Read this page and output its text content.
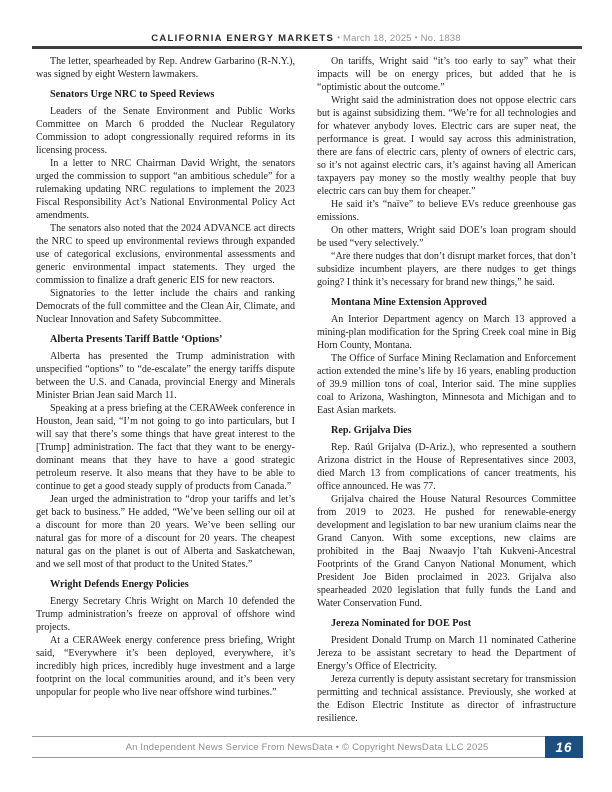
CALIFORNIA ENERGY MARKETS • March 18, 2025 • No. 1838

The letter, spearheaded by Rep. Andrew Garbarino (R-N.Y.), was signed by eight Western lawmakers.

Senators Urge NRC to Speed Reviews

Leaders of the Senate Environment and Public Works Committee on March 6 prodded the Nuclear Regulatory Commission to adopt congressionally required reforms in its licensing process.

In a letter to NRC Chairman David Wright, the senators urged the commission to support “an ambitious schedule” for a rulemaking updating NRC regulations to implement the 2023 Fiscal Responsibility Act’s National Environmental Policy Act amendments.

The senators also noted that the 2024 ADVANCE act directs the NRC to speed up environmental reviews through expanded use of categorical exclusions, environmental assessments and generic environmental impact statements. They urged the commission to finalize a draft generic EIS for new reactors.

Signatories to the letter include the chairs and ranking Democrats of the full committee and the Clean Air, Climate, and Nuclear Innovation and Safety Subcommittee.

Alberta Presents Tariff Battle ‘Options’

Alberta has presented the Trump administration with unspecified “options” to “de-escalate” the energy tariffs dispute between the U.S. and Canada, provincial Energy and Minerals Minister Brian Jean said March 11.

Speaking at a press briefing at the CERAWeek conference in Houston, Jean said, “I’m not going to go into particulars, but I will say that there’s some things that have great interest to the [Trump] administration. The fact that they want to be energy-dominant means that they have to have a good strategic petroleum reserve. It also means that they have to be able to continue to get a good steady supply of products from Canada.”

Jean urged the administration to “drop your tariffs and let’s get back to business.” He added, “We’ve been selling our oil at a discount for more than 20 years. We’ve been selling our natural gas for more of a discount for 20 years. The cheapest natural gas on the planet is out of Alberta and Saskatchewan, and we sell most of that product to the United States.”

Wright Defends Energy Policies

Energy Secretary Chris Wright on March 10 defended the Trump administration’s freeze on approval of offshore wind projects.

At a CERAWeek energy conference press briefing, Wright said, “Everywhere it’s been deployed, everywhere, it’s incredibly high prices, incredibly huge investment and a large footprint on the local communities around, and it’s been very unpopular for people who live near offshore wind turbines.”

On tariffs, Wright said “it’s too early to say” what their impacts will be on energy prices, but added that he is “optimistic about the outcome.”

Wright said the administration does not oppose electric cars but is against subsidizing them. “We’re for all technologies and for whatever anybody loves. Electric cars are super neat, the performance is great. I would say across this administration, there are fans of electric cars, plenty of owners of electric cars, so it’s not against electric cars, it’s against having all American taxpayers pay money so the mostly wealthy people that buy electric cars can buy them for cheaper.”

He said it’s “naïve” to believe EVs reduce greenhouse gas emissions.

On other matters, Wright said DOE’s loan program should be used “very selectively.”

“Are there nudges that don’t disrupt market forces, that don’t subsidize incumbent players, are there nudges to get things going? I think it’s necessary for brand new things,” he said.

Montana Mine Extension Approved

An Interior Department agency on March 13 approved a mining-plan modification for the Spring Creek coal mine in Big Horn County, Montana.

The Office of Surface Mining Reclamation and Enforcement action extended the mine’s life by 16 years, enabling production of 39.9 million tons of coal, Interior said. The mine supplies coal to Arizona, Washington, Minnesota and Michigan and to East Asian markets.

Rep. Grijalva Dies

Rep. Raúl Grijalva (D-Ariz.), who represented a southern Arizona district in the House of Representatives since 2003, died March 13 from complications of cancer treatments, his office announced. He was 77.

Grijalva chaired the House Natural Resources Committee from 2019 to 2023. He pushed for renewable-energy development and legislation to bar new uranium claims near the Grand Canyon. With some exceptions, new claims are prohibited in the Baaj Nwaavjo I’tah Kukveni-Ancestral Footprints of the Grand Canyon National Monument, which President Joe Biden proclaimed in 2023. Grijalva also spearheaded 2020 legislation that fully funds the Land and Water Conservation Fund.

Jereza Nominated for DOE Post

President Donald Trump on March 11 nominated Catherine Jereza to be assistant secretary to head the Department of Energy’s Office of Electricity.

Jereza currently is deputy assistant secretary for transmission permitting and technical assistance. Previously, she worked at the Edison Electric Institute as director of infrastructure resilience.

An Independent News Service From NewsData • © Copyright NewsData LLC 2025	16
